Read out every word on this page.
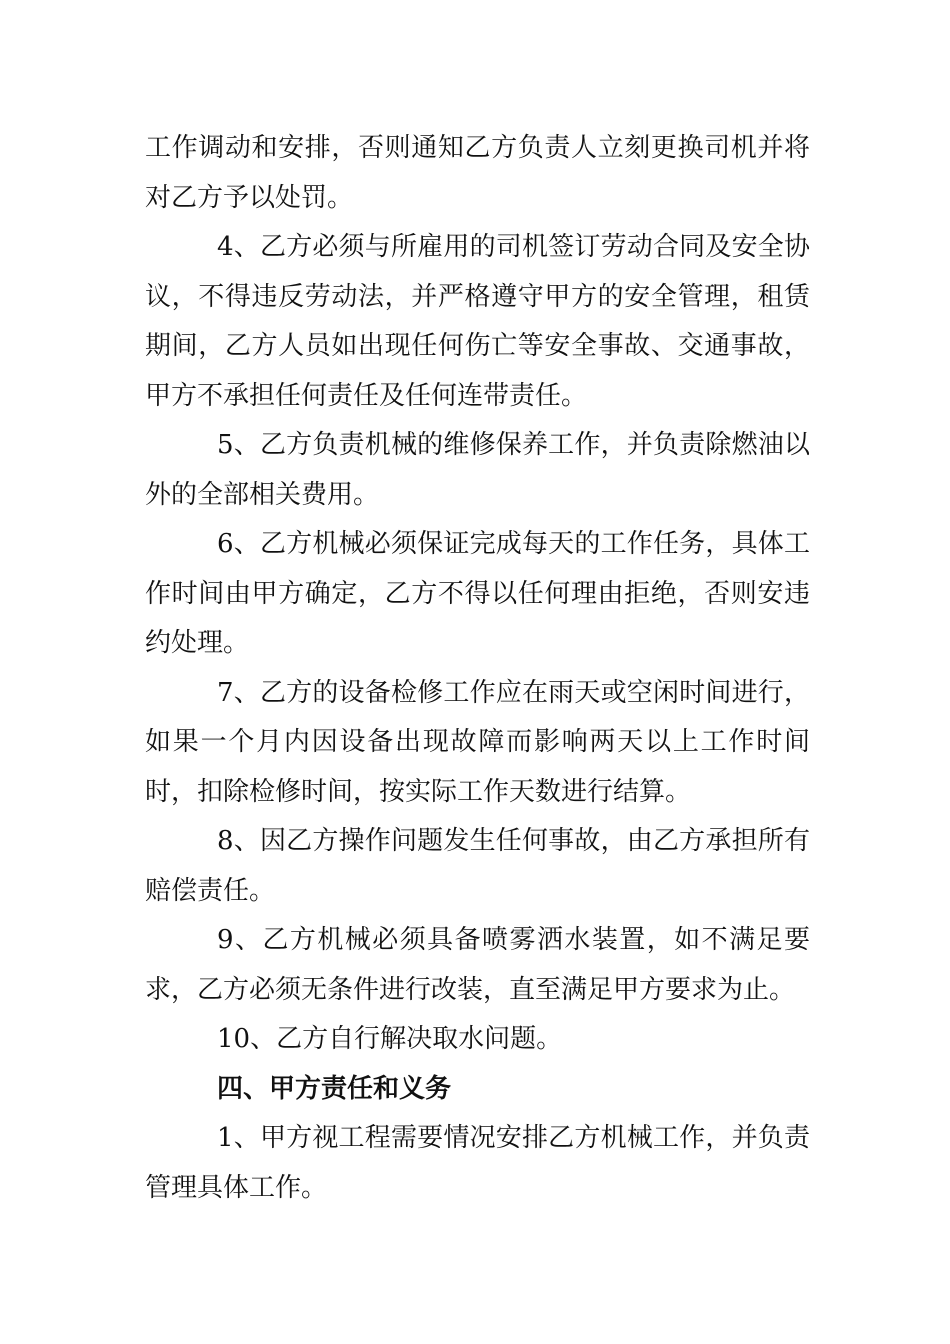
工作调动和安排，否则通知乙方负责人立刻更换司机并将对乙方予以处罚。

4、乙方必须与所雇用的司机签订劳动合同及安全协议，不得违反劳动法，并严格遵守甲方的安全管理，租赁期间，乙方人员如出现任何伤亡等安全事故、交通事故，甲方不承担任何责任及任何连带责任。

5、乙方负责机械的维修保养工作，并负责除燃油以外的全部相关费用。

6、乙方机械必须保证完成每天的工作任务，具体工作时间由甲方确定，乙方不得以任何理由拒绝，否则安违约处理。

7、乙方的设备检修工作应在雨天或空闲时间进行，如果一个月内因设备出现故障而影响两天以上工作时间时，扣除检修时间，按实际工作天数进行结算。

8、因乙方操作问题发生任何事故，由乙方承担所有赔偿责任。

9、乙方机械必须具备喷雾洒水装置，如不满足要求，乙方必须无条件进行改装，直至满足甲方要求为止。

10、乙方自行解决取水问题。

四、甲方责任和义务

1、甲方视工程需要情况安排乙方机械工作，并负责管理具体工作。
